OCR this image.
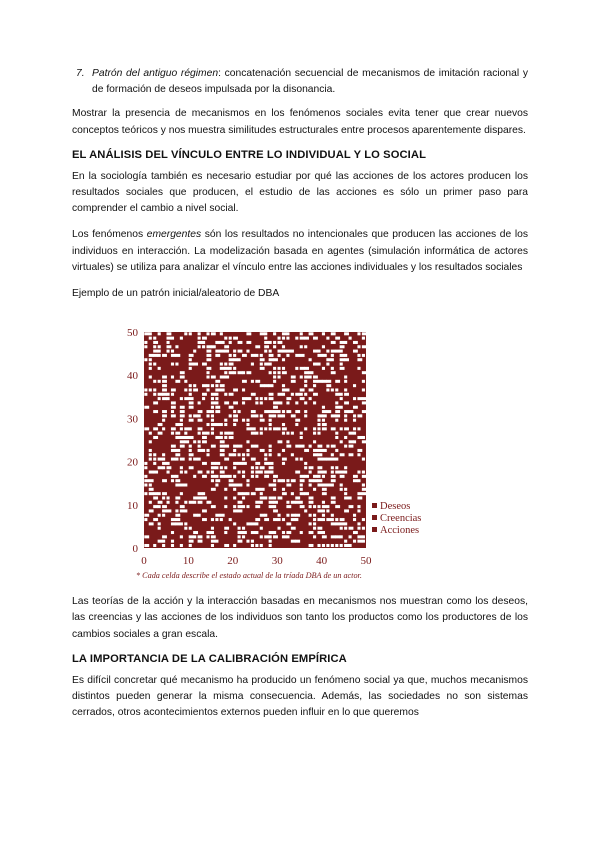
7. Patrón del antiguo régimen: concatenación secuencial de mecanismos de imitación racional y de formación de deseos impulsada por la disonancia.

Mostrar la presencia de mecanismos en los fenómenos sociales evita tener que crear nuevos conceptos teóricos y nos muestra similitudes estructurales entre procesos aparentemente dispares.

EL ANÁLISIS DEL VÍNCULO ENTRE LO INDIVIDUAL Y LO SOCIAL

En la sociología también es necesario estudiar por qué las acciones de los actores producen los resultados sociales que producen, el estudio de las acciones es sólo un primer paso para comprender el cambio a nivel social.

Los fenómenos emergentes són los resultados no intencionales que producen las acciones de los individuos en interacción. La modelización basada en agentes (simulación informática de actores virtuales) se utiliza para analizar el vínculo entre las acciones individuales y los resultados sociales

Ejemplo de un patrón inicial/aleatorio de DBA

0
10
20
30
40
50
0	10	20	30	40	50
Deseos
Creencias
Acciones
* Cada celda describe el estado actual de la tríada DBA de un actor.

Las teorías de la acción y la interacción basadas en mecanismos nos muestran como los deseos, las creencias y las acciones de los individuos son tanto los productos como los productores de los cambios sociales a gran escala.

LA IMPORTANCIA DE LA CALIBRACIÓN EMPÍRICA

Es difícil concretar qué mecanismo ha producido un fenómeno social ya que, muchos mecanismos distintos pueden generar la misma consecuencia. Además, las sociedades no son sistemas cerrados, otros acontecimientos externos pueden influir en lo que queremos
